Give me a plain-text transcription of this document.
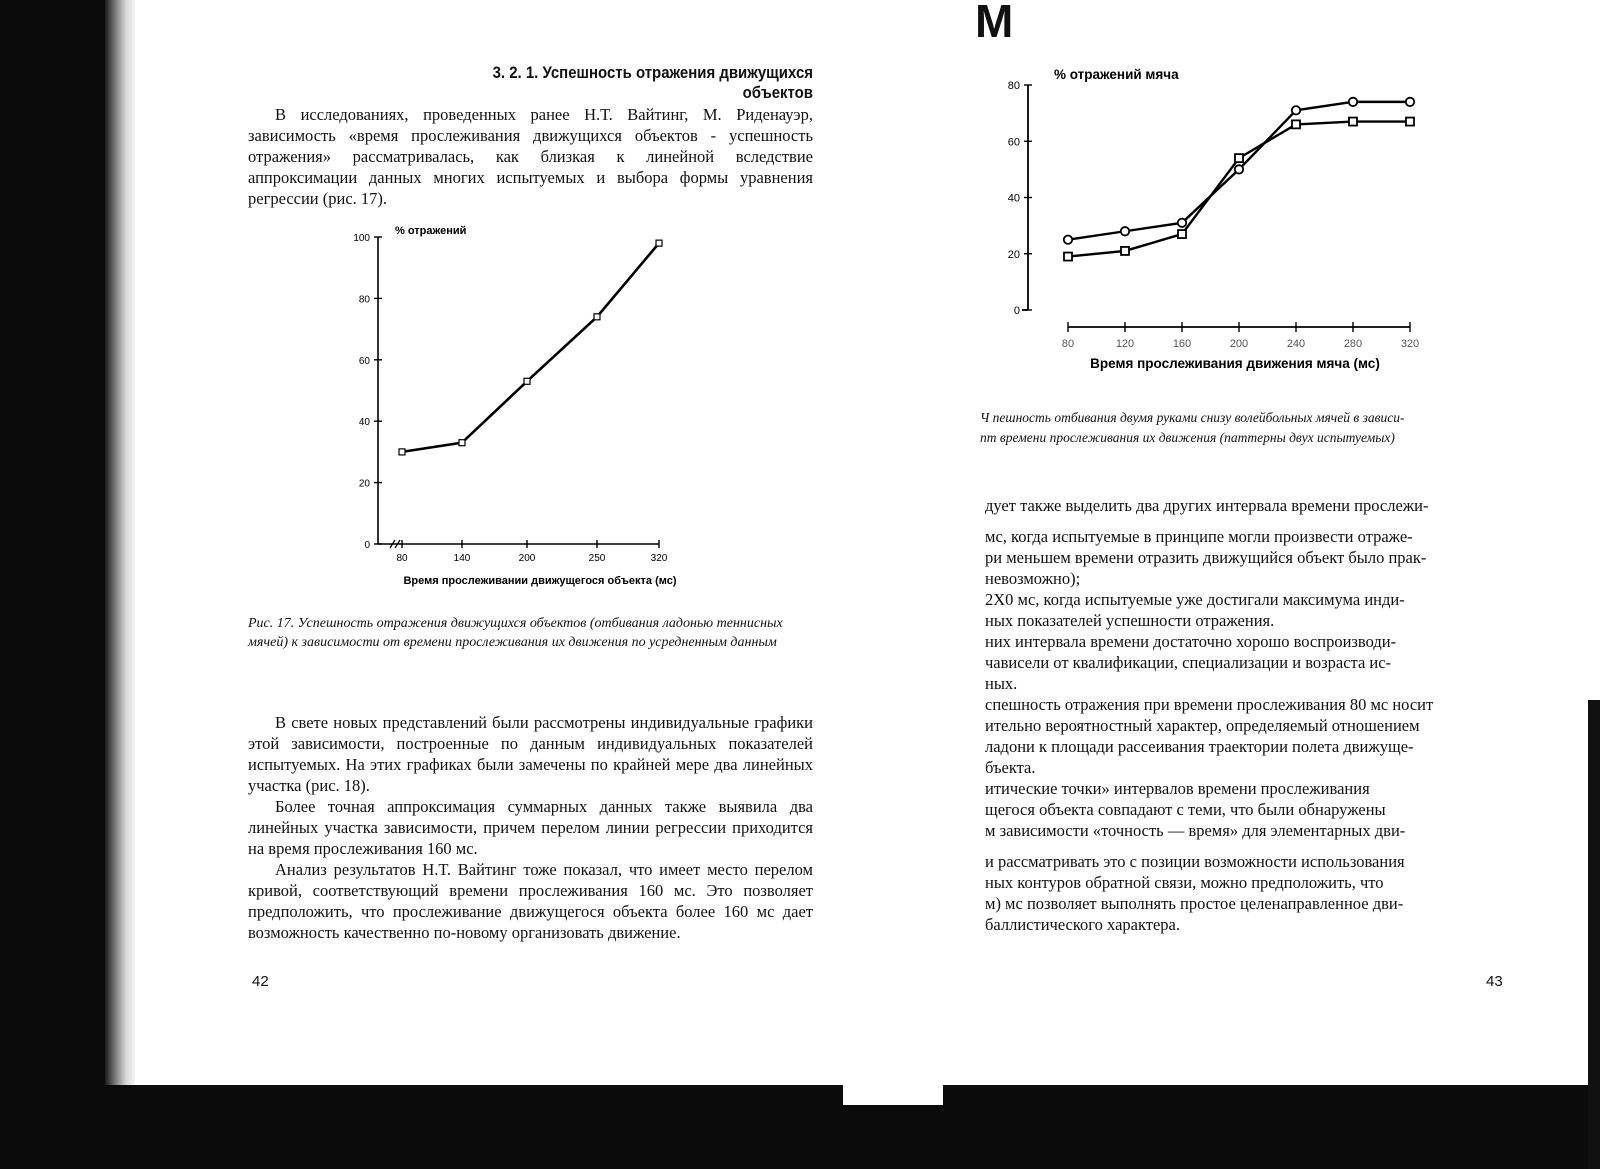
М
3. 2. 1. Успешность отражения движущихся объектов

В исследованиях, проведенных ранее Н.Т. Вайтинг, М. Риденауэр, зависимость «время прослеживания движущихся объектов - успешность отражения» рассматривалась, как близкая к линейной вследствие аппроксимации данных многих испытуемых и выбора формы уравнения регрессии (рис. 17).

0
20
40
60
80
100
80	140	200	250	320
% отражений
Время прослеживании движущегося объекта (мс)
Рис. 17. Успешность отражения движущихся объектов (отбивания ладонью теннисных мячей) к зависимости от времени прослеживания их движения по усредненным данным

В свете новых представлений были рассмотрены индивидуальные графики этой зависимости, построенные по данным индивидуальных показателей испытуемых. На этих графиках были замечены по крайней мере два линейных участка (рис. 18).

Более точная аппроксимация суммарных данных также выявила два линейных участка зависимости, причем перелом линии регрессии приходится на время прослеживания 160 мс.

Анализ результатов Н.Т. Вайтинг тоже показал, что имеет место перелом кривой, соответствующий времени прослеживания 160 мс. Это позволяет предположить, что прослеживание движущегося объекта более 160 мс дает возможность качественно по-новому организовать движение.

42
0
20
40
60
80
80	120	160	200	240	280	320
% отражений мяча
Время прослеживания движения мяча (мс)
Ч пешность отбивания двумя руками снизу волейбольных мячей в зависи-
пт времени прослеживания их движения (паттерны двух испытуемых)
дует также выделить два других интервала времени прослежи-
мс, когда испытуемые в принципе могли произвести отраже-
ри меньшем времени отразить движущийся объект было прак-
невозможно);
2Х0 мс, когда испытуемые уже достигали максимума инди-
ных показателей успешности отражения.
них интервала времени достаточно хорошо воспроизводи-
чависели от квалификации, специализации и возраста ис-
ных.
спешность отражения при времени прослеживания 80 мс носит
ительно вероятностный характер, определяемый отношением
ладони к площади рассеивания траектории полета движуще-
бъекта.
итические точки» интервалов времени прослеживания
щегося объекта совпадают с теми, что были обнаружены
м зависимости «точность — время» для элементарных дви-
и рассматривать это с позиции возможности использования
ных контуров обратной связи, можно предположить, что
м) мс позволяет выполнять простое целенаправленное дви-
баллистического характера.
43
